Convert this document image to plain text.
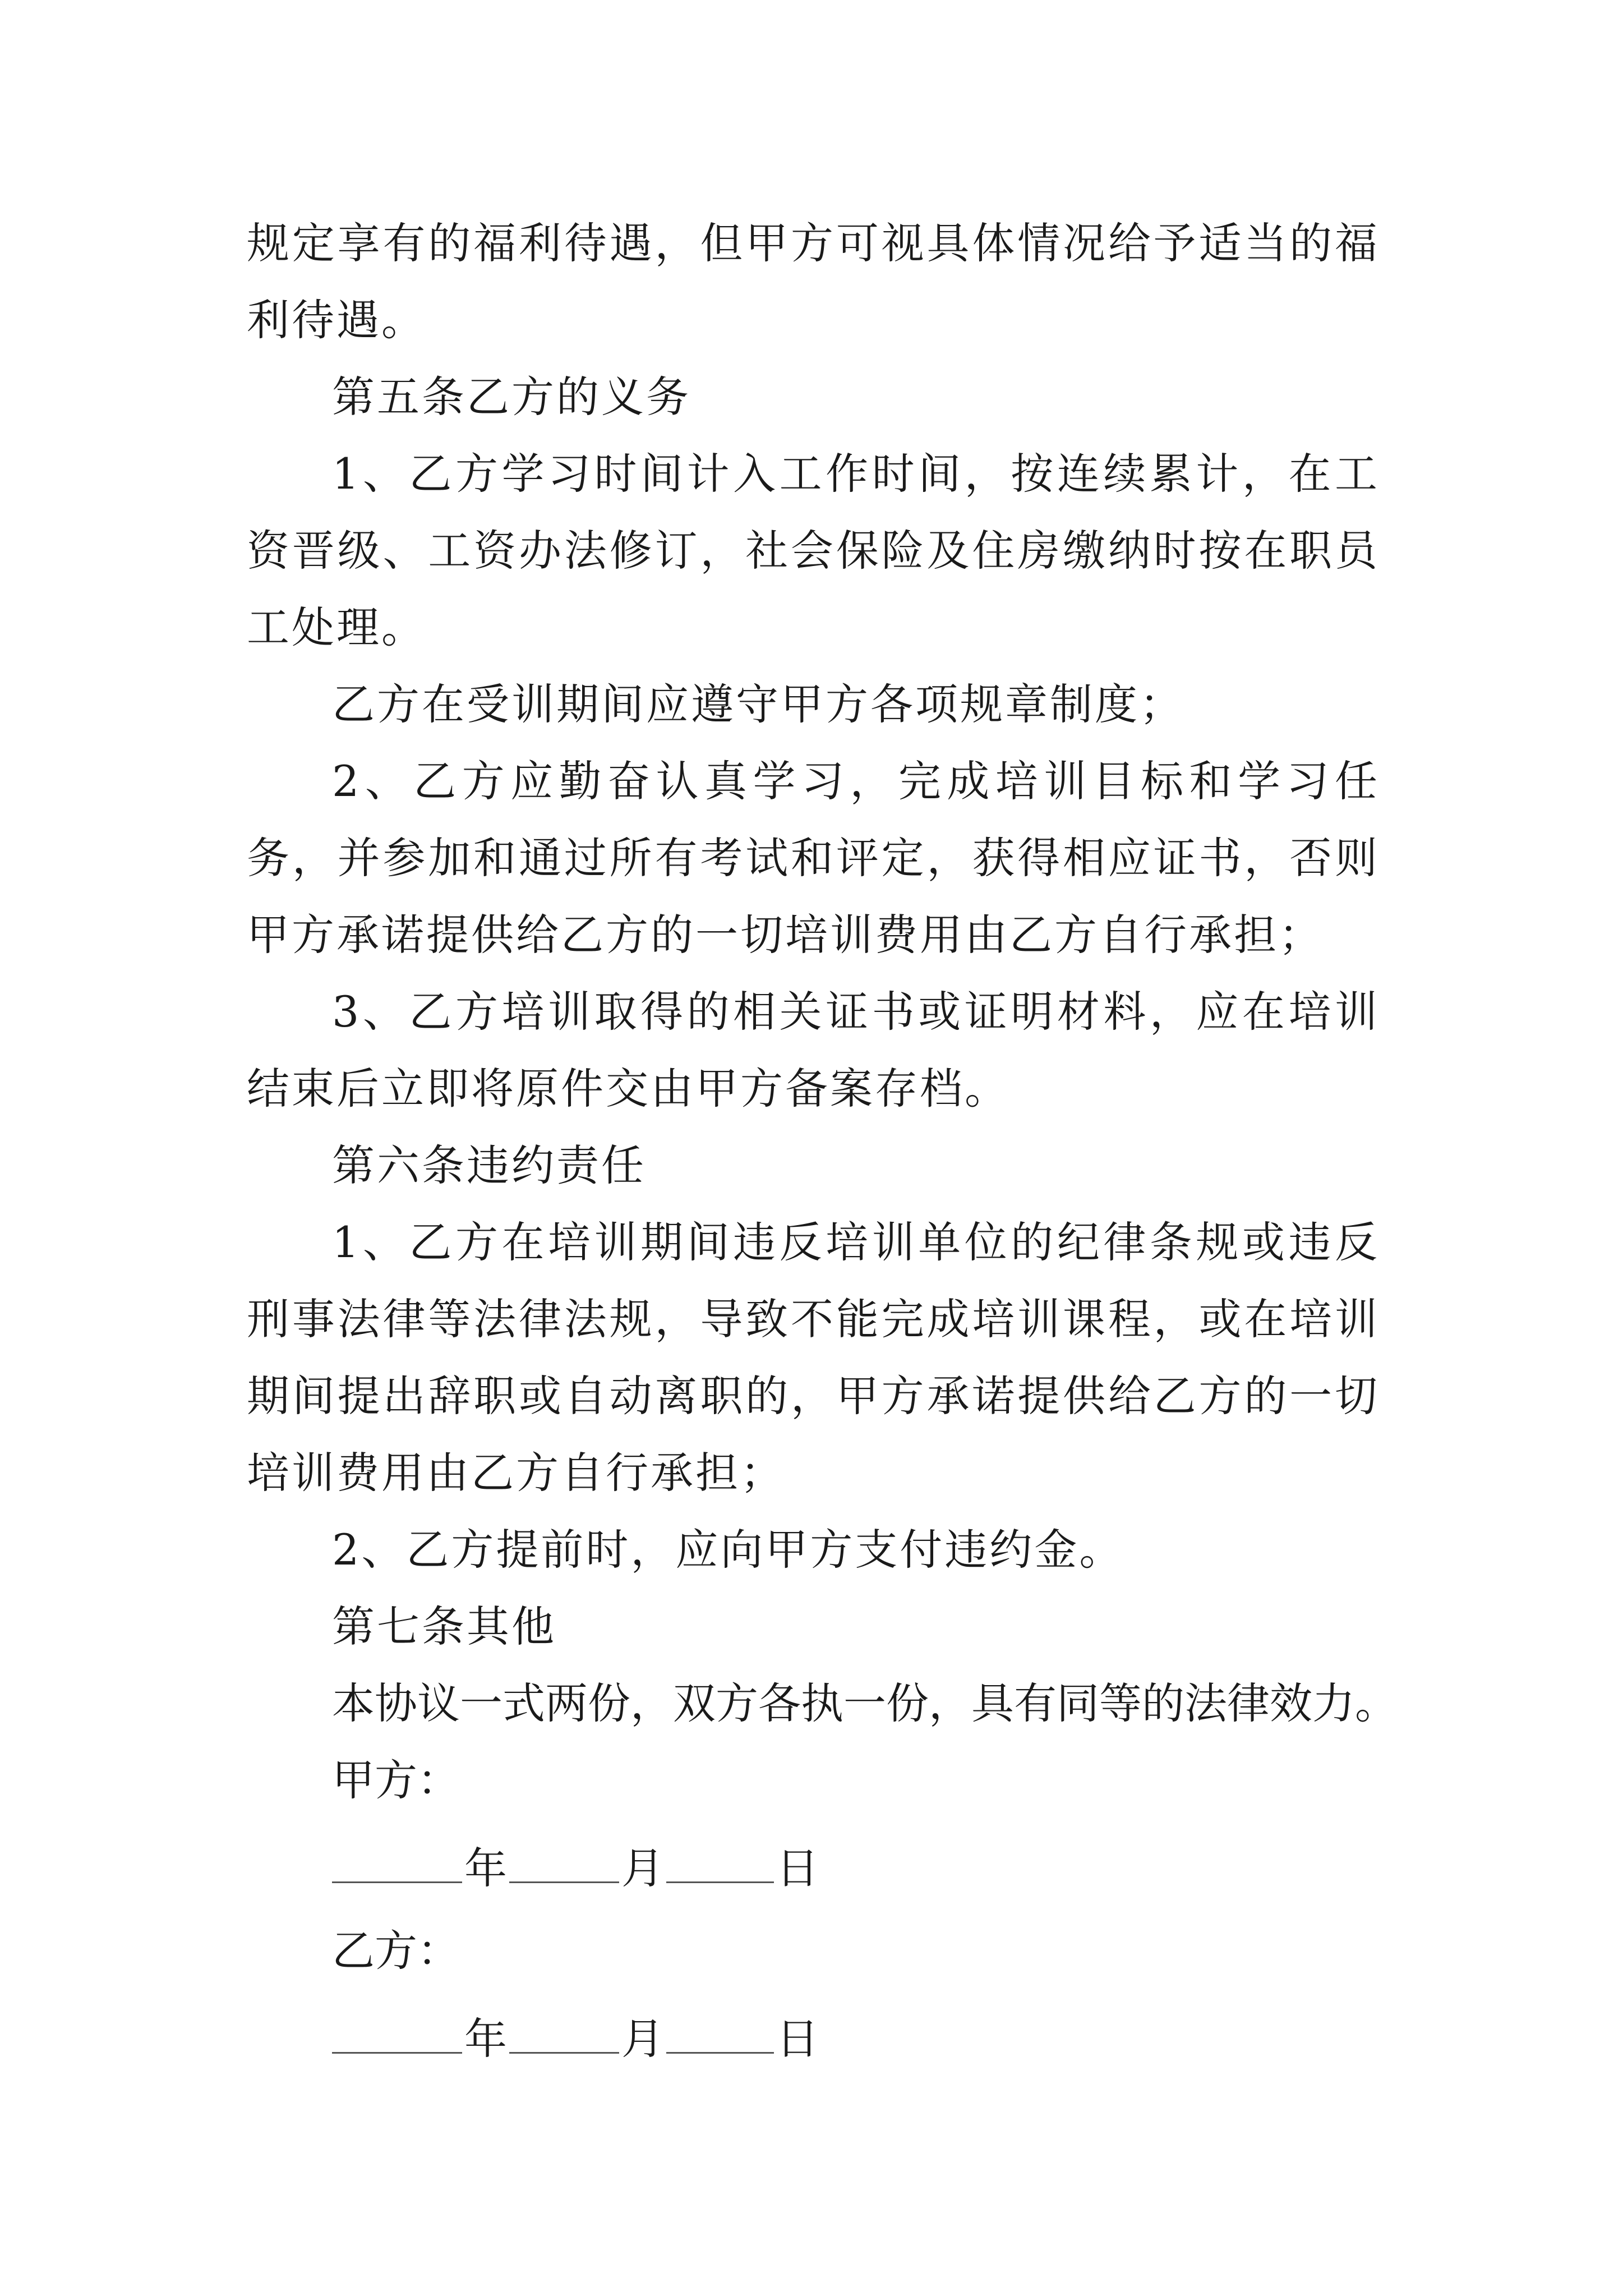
规定享有的福利待遇，但甲方可视具体情况给予适当的福利待遇。

第五条乙方的义务

1、乙方学习时间计入工作时间，按连续累计，在工资晋级、工资办法修订，社会保险及住房缴纳时按在职员工处理。

乙方在受训期间应遵守甲方各项规章制度；

2、乙方应勤奋认真学习，完成培训目标和学习任务，并参加和通过所有考试和评定，获得相应证书，否则甲方承诺提供给乙方的一切培训费用由乙方自行承担；

3、乙方培训取得的相关证书或证明材料，应在培训结束后立即将原件交由甲方备案存档。

第六条违约责任

1、乙方在培训期间违反培训单位的纪律条规或违反刑事法律等法律法规，导致不能完成培训课程，或在培训期间提出辞职或自动离职的，甲方承诺提供给乙方的一切培训费用由乙方自行承担；

2、乙方提前时，应向甲方支付违约金。

第七条其他

本协议一式两份，双方各执一份，具有同等的法律效力。

甲方：

年	月	日

乙方：

年	月	日
